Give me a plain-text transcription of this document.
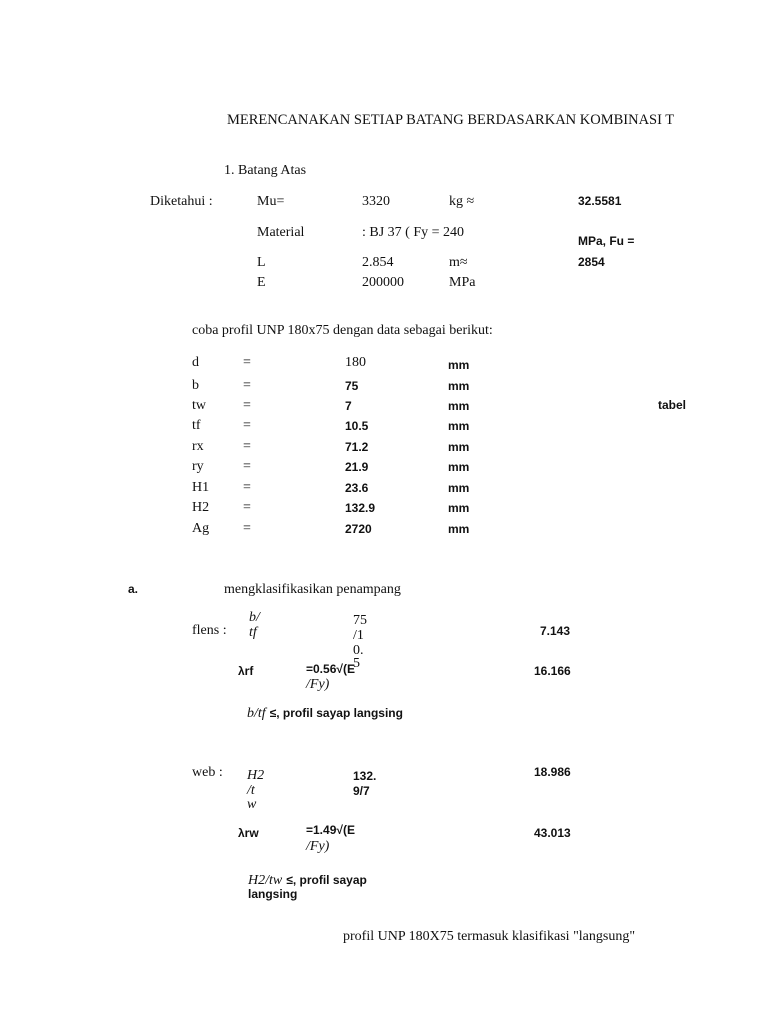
MERENCANAKAN SETIAP BATANG BERDASARKAN KOMBINASI T
1. Batang Atas
Diketahui :	Mu=	3320	kg ≈	32.5581
Material	: BJ 37 ( Fy = 240
MPa, Fu =
L	2.854	m≈	2854
E	200000	MPa
coba profil UNP 180x75 dengan data sebagai berikut:
d	=	180	mm
b	=	75	mm
tw	=	7	mm
tf	=	10.5	mm
rx	=	71.2	mm
ry	=	21.9	mm
H1 =	23.6	mm
H2 =	132.9	mm
Ag =	2720	mm
tabel
a.	mengklasifikasikan penampang
flens :
b/
tf
75
/1
0.
5
7.143
λrf	=0.56√(E
/Fy)
16.166
b/tf ≤, profil sayap langsing
web : H2
/t
w
132.
9/7
18.986
λrw	=1.49√(E
/Fy)
43.013
H2/tw ≤, profil sayap
langsing
profil UNP 180X75 termasuk klasifikasi "langsung"
